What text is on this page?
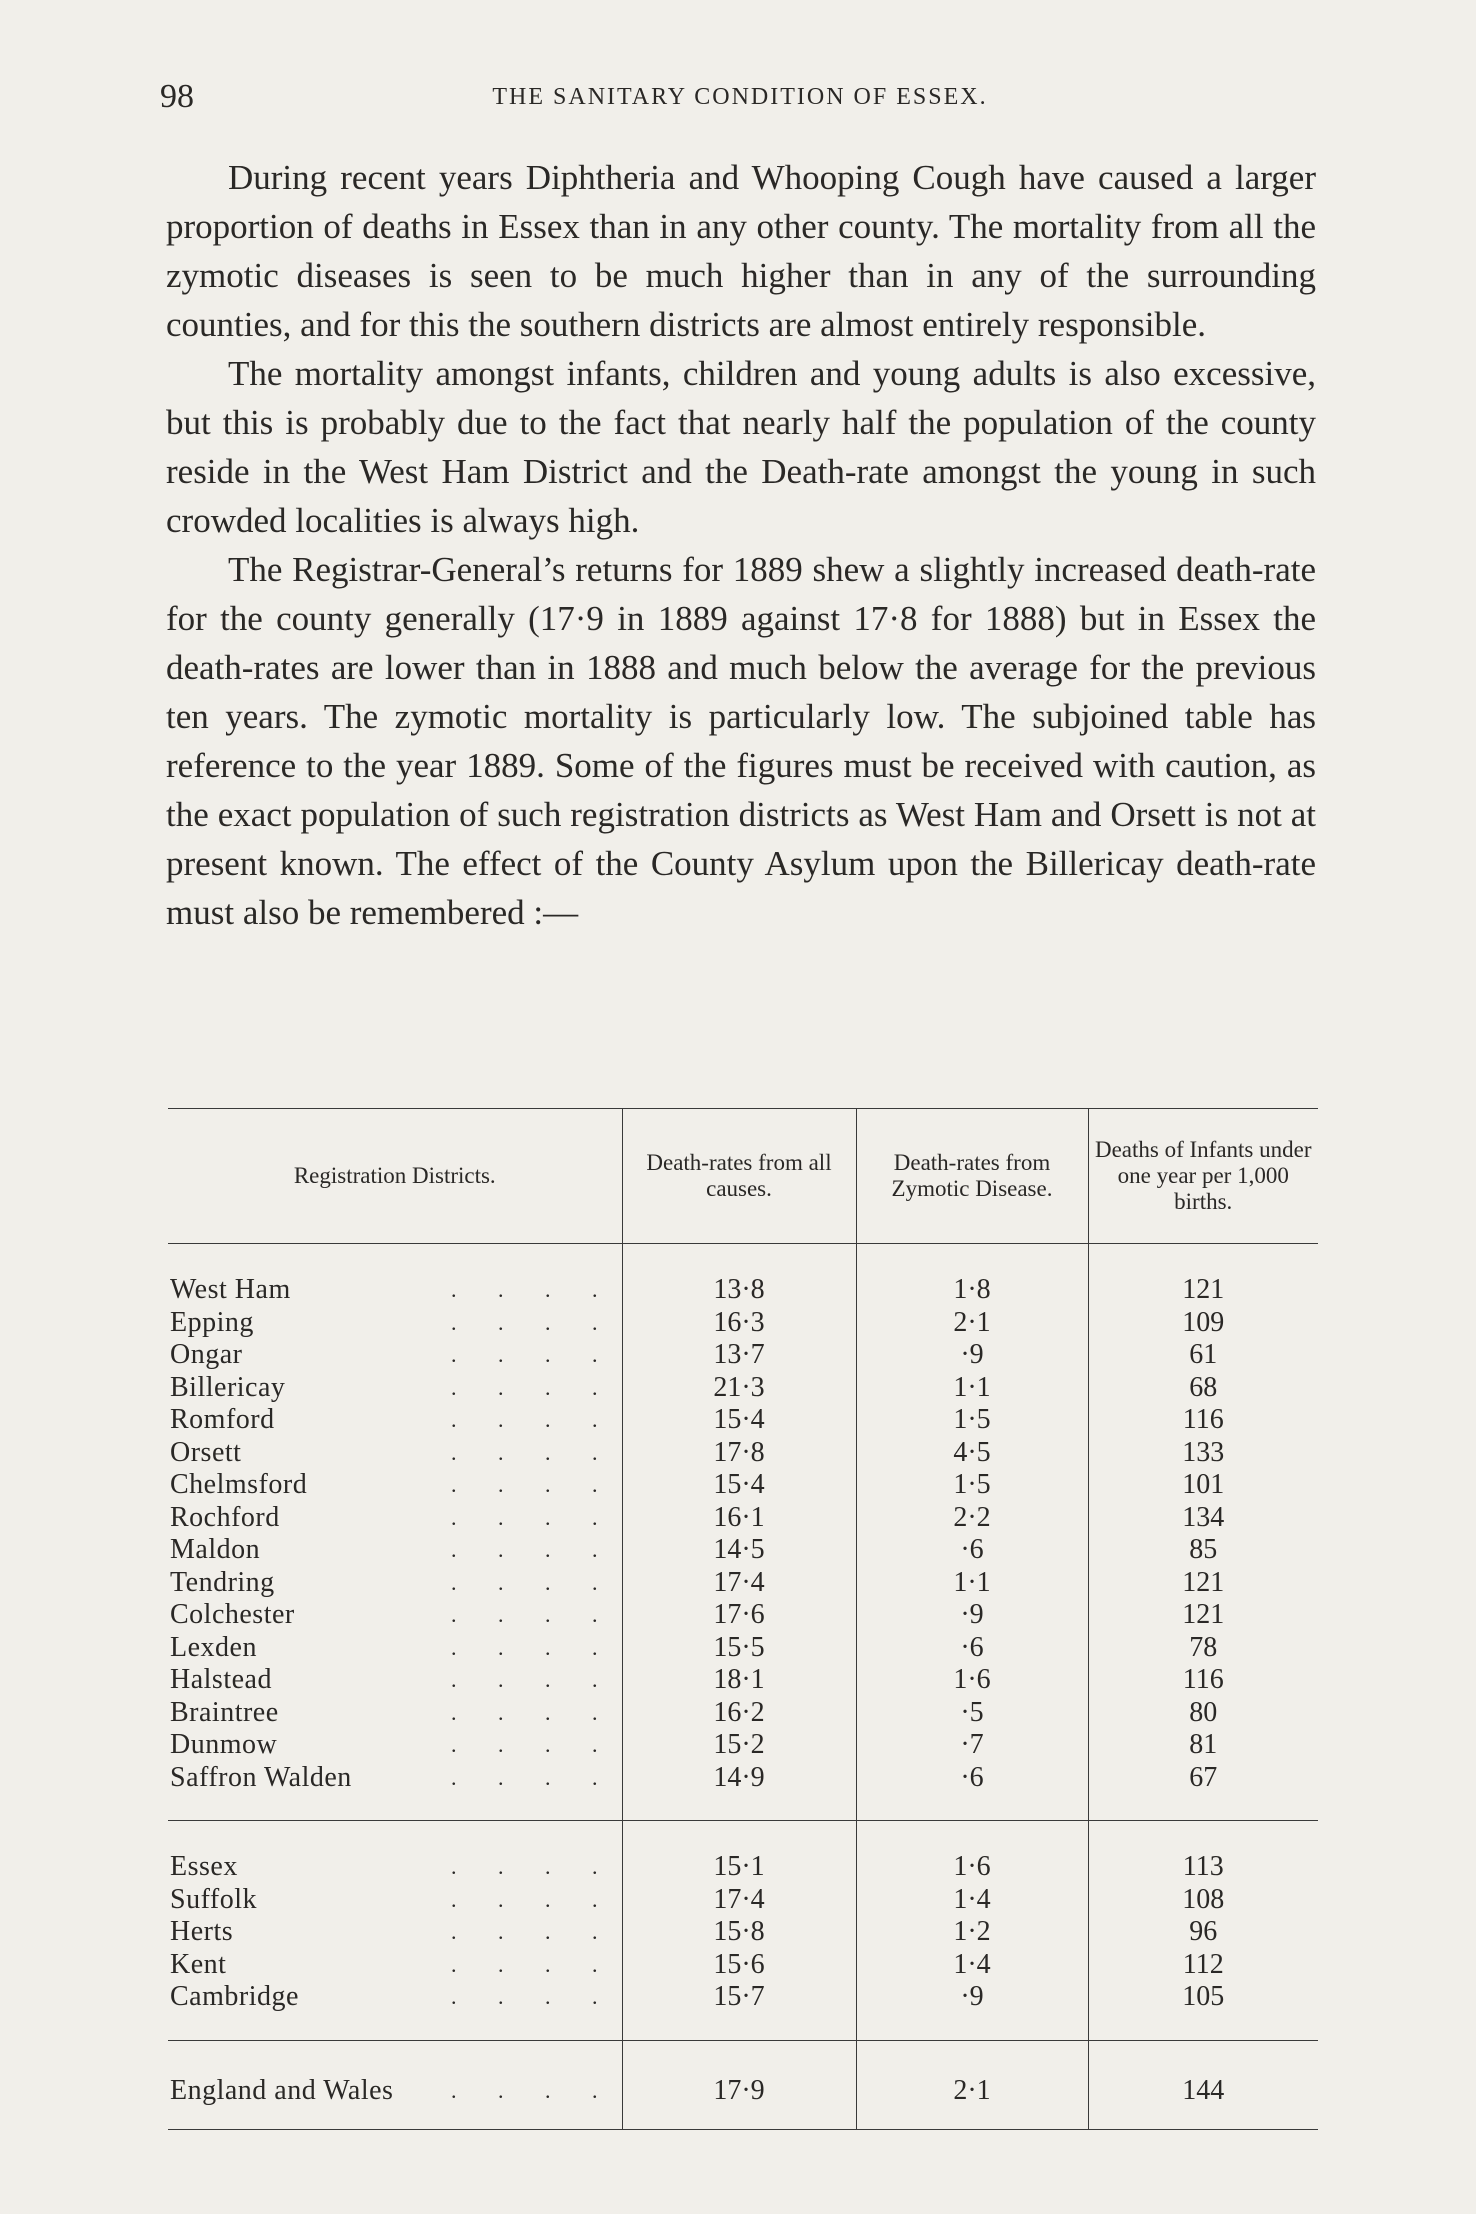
98	THE SANITARY CONDITION OF ESSEX.

During recent years Diphtheria and Whooping Cough have caused a larger proportion of deaths in Essex than in any other county. The mortality from all the zymotic diseases is seen to be much higher than in any of the surrounding counties, and for this the southern districts are almost entirely responsible.

The mortality amongst infants, children and young adults is also excessive, but this is probably due to the fact that nearly half the population of the county reside in the West Ham District and the Death-rate amongst the young in such crowded localities is always high.

The Registrar-General’s returns for 1889 shew a slightly increased death-rate for the county generally (17·9 in 1889 against 17·8 for 1888) but in Essex the death-rates are lower than in 1888 and much below the average for the previous ten years. The zymotic mortality is particularly low. The subjoined table has reference to the year 1889. Some of the figures must be received with caution, as the exact population of such registration districts as West Ham and Orsett is not at present known. The effect of the County Asylum upon the Billericay death-rate must also be remembered :—

Registration Districts.	Death-rates from all causes.	Death-rates from Zymotic Disease.	Deaths of Infants under one year per 1,000 births.

West Ham . . . .	13·8	1·8	121

Epping . . . .	16·3	2·1	109

Ongar . . . .	13·7	·9	61

Billericay . . . .	21·3	1·1	68

Romford . . . .	15·4	1·5	116

Orsett . . . .	17·8	4·5	133

Chelmsford . . . .	15·4	1·5	101

Rochford . . . .	16·1	2·2	134

Maldon . . . .	14·5	·6	85

Tendring . . . .	17·4	1·1	121

Colchester . . . .	17·6	·9	121

Lexden . . . .	15·5	·6	78

Halstead . . . .	18·1	1·6	116

Braintree . . . .	16·2	·5	80

Dunmow . . . .	15·2	·7	81

Saffron Walden . . . .	14·9	·6	67

Essex . . . .	15·1	1·6	113

Suffolk . . . .	17·4	1·4	108

Herts . . . .	15·8	1·2	96

Kent . . . .	15·6	1·4	112

Cambridge . . . .	15·7	·9	105

England and Wales . . . .	17·9	2·1	144
